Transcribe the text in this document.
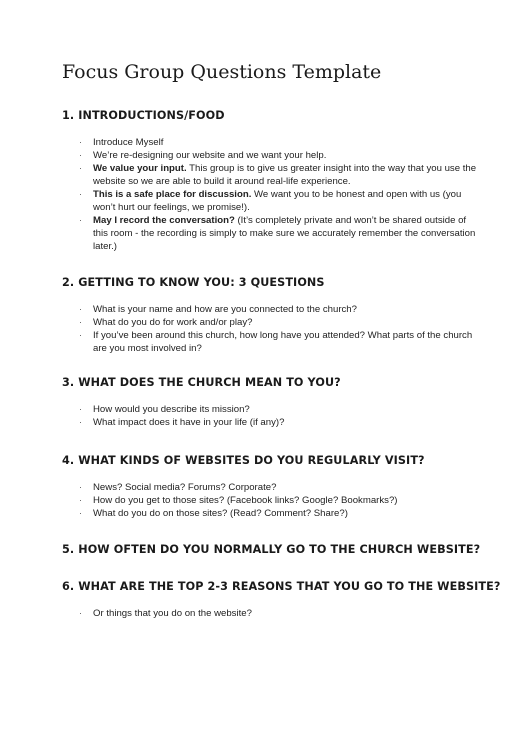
Focus Group Questions Template
1. INTRODUCTIONS/FOOD
· Introduce Myself
· We’re re-designing our website and we want your help.
· We value your input. This group is to give us greater insight into the way that you use the website so we are able to build it around real-life experience.
· This is a safe place for discussion. We want you to be honest and open with us (you won’t hurt our feelings, we promise!).
· May I record the conversation? (It’s completely private and won’t be shared outside of this room - the recording is simply to make sure we accurately remember the conversation later.)
2. GETTING TO KNOW YOU: 3 QUESTIONS
· What is your name and how are you connected to the church?
· What do you do for work and/or play?
· If you’ve been around this church, how long have you attended? What parts of the church are you most involved in?
3. WHAT DOES THE CHURCH MEAN TO YOU?
· How would you describe its mission?
· What impact does it have in your life (if any)?
4. WHAT KINDS OF WEBSITES DO YOU REGULARLY VISIT?
· News? Social media? Forums? Corporate?
· How do you get to those sites? (Facebook links? Google? Bookmarks?)
· What do you do on those sites? (Read? Comment? Share?)
5. HOW OFTEN DO YOU NORMALLY GO TO THE CHURCH WEBSITE?
6. WHAT ARE THE TOP 2-3 REASONS THAT YOU GO TO THE WEBSITE?
· Or things that you do on the website?
